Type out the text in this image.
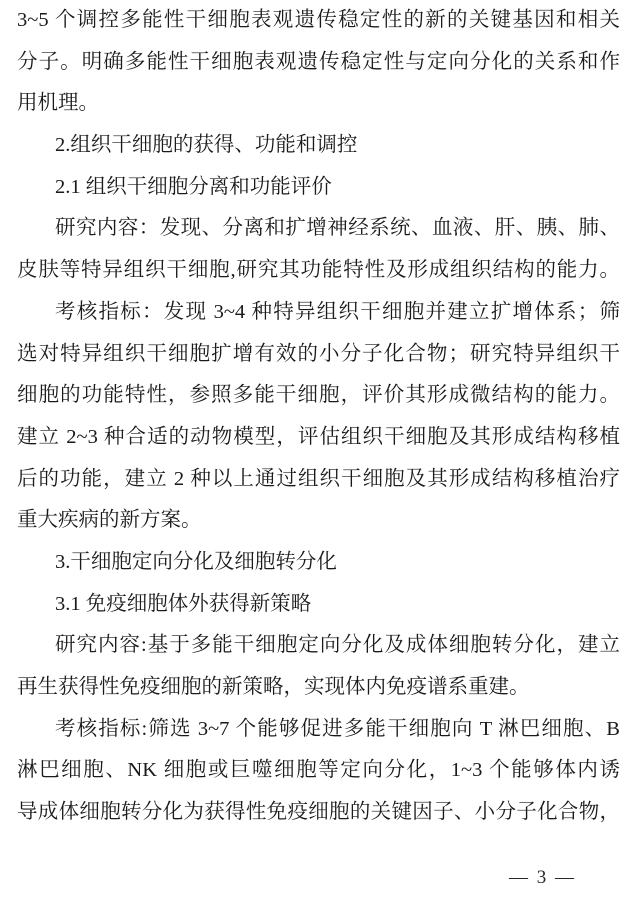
3~5 个调控多能性干细胞表观遗传稳定性的新的关键基因和相关
分子。明确多能性干细胞表观遗传稳定性与定向分化的关系和作
用机理。
2.组织干细胞的获得、功能和调控
2.1 组织干细胞分离和功能评价
研究内容：发现、分离和扩增神经系统、血液、肝、胰、肺、
皮肤等特异组织干细胞,研究其功能特性及形成组织结构的能力。
考核指标：发现 3~4 种特异组织干细胞并建立扩增体系；筛
选对特异组织干细胞扩增有效的小分子化合物；研究特异组织干
细胞的功能特性，参照多能干细胞，评价其形成微结构的能力。
建立 2~3 种合适的动物模型，评估组织干细胞及其形成结构移植
后的功能，建立 2 种以上通过组织干细胞及其形成结构移植治疗
重大疾病的新方案。
3.干细胞定向分化及细胞转分化
3.1 免疫细胞体外获得新策略
研究内容:基于多能干细胞定向分化及成体细胞转分化，建立
再生获得性免疫细胞的新策略，实现体内免疫谱系重建。
考核指标:筛选 3~7 个能够促进多能干细胞向 T 淋巴细胞、B
淋巴细胞、NK 细胞或巨噬细胞等定向分化，1~3 个能够体内诱
导成体细胞转分化为获得性免疫细胞的关键因子、小分子化合物，
— 3 —
